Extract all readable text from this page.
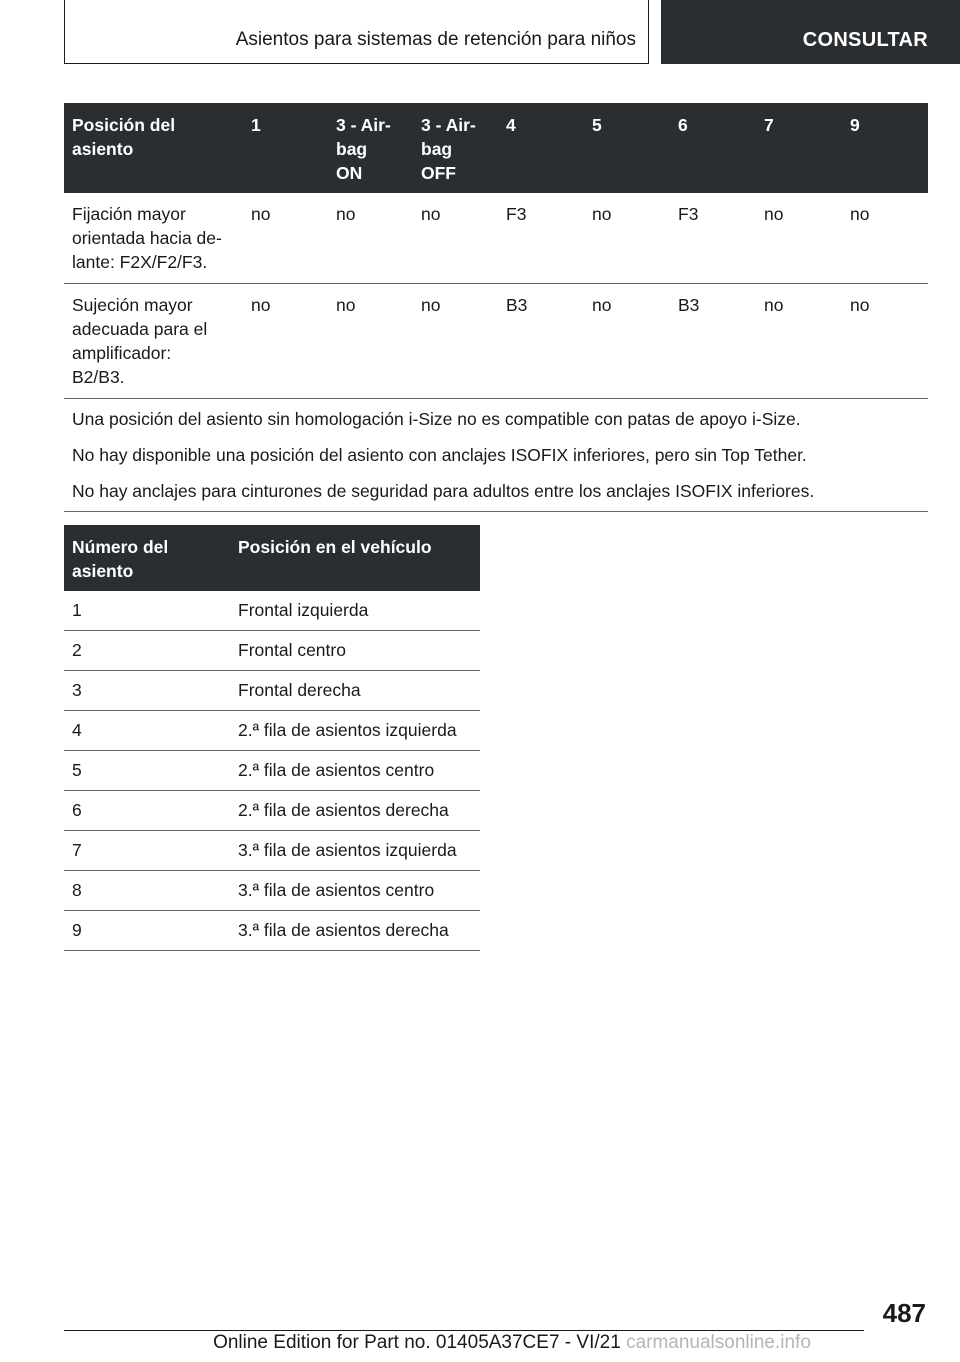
Asientos para sistemas de retención para niños	CONSULTAR
Posición del
asiento	1	3 - Air-
bag
ON	3 - Air-
bag
OFF	4	5	6	7	9
Fijación mayor
orientada hacia de-
lante: F2X/F2/F3.	no	no	no	F3	no	F3	no	no
Sujeción mayor
adecuada para el
amplificador:
B2/B3.	no	no	no	B3	no	B3	no	no
Una posición del asiento sin homologación i-Size no es compatible con patas de apoyo i-Size.								
No hay disponible una posición del asiento con anclajes ISOFIX inferiores, pero sin Top Tether.								
No hay anclajes para cinturones de seguridad para adultos entre los anclajes ISOFIX inferiores.								
Número del
asiento	Posición en el vehículo
1	Frontal izquierda
2	Frontal centro
3	Frontal derecha
4	2.ª fila de asientos izquierda
5	2.ª fila de asientos centro
6	2.ª fila de asientos derecha
7	3.ª fila de asientos izquierda
8	3.ª fila de asientos centro
9	3.ª fila de asientos derecha
487
Online Edition for Part no. 01405A37CE7 - VI/21 carmanualsonline.info
